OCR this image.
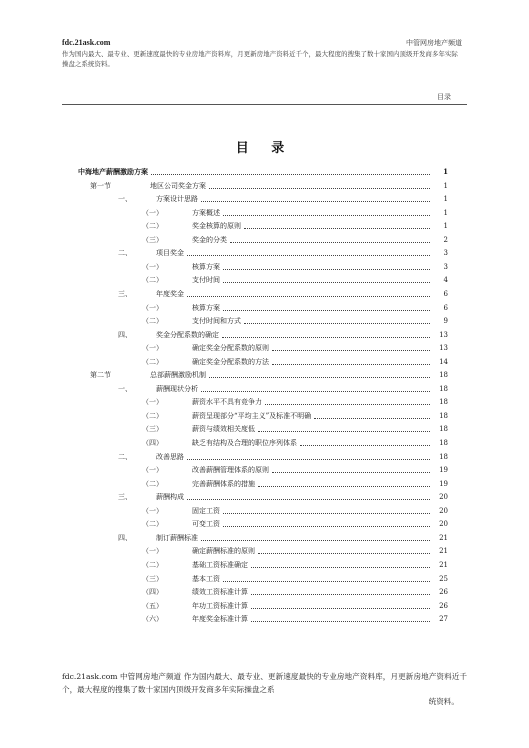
fdc.21ask.com	中管网房地产频道
作为国内最大、最专业、更新速度最快的专业房地产资料库，月更新房地产资料近千个，最大程度的搜集了数十家国内顶级开发商多年实际操盘之系统资料。
目录
目 录
中海地产薪酬激励方案	1
第一节	地区公司奖金方案	1
一、	方案设计思路	1
（一）	方案概述	1
（二）	奖金核算的原则	1
（三）	奖金的分类	2
二、	项目奖金	3
（一）	核算方案	3
（二）	支付时间	4
三、	年度奖金	6
（一）	核算方案	6
（二）	支付时间和方式	9
四、	奖金分配系数的确定	13
（一）	确定奖金分配系数的原则	13
（二）	确定奖金分配系数的方法	14
第二节	总部薪酬激励机制	18
一、	薪酬现状分析	18
（一）	薪资水平不具有竞争力	18
（二）	薪资呈现部分“平均主义”及标准不明确	18
（三）	薪资与绩效相关度低	18
（四）	缺乏有结构及合理的职位序列体系	18
二、	改善思路	18
（一）	改善薪酬管理体系的原则	19
（二）	完善薪酬体系的措施	19
三、	薪酬构成	20
（一）	固定工资	20
（二）	可变工资	20
四、	制订薪酬标准	21
（一）	确定薪酬标准的原则	21
（二）	基础工资标准确定	21
（三）	基本工资	25
（四）	绩效工资标准计算	26
（五）	年功工资标准计算	26
（六）	年度奖金标准计算	27
fdc.21ask.com 中管网房地产频道 作为国内最大、最专业、更新速度最快的专业房地产资料库，月更新房地产资料近千个，最大程度的搜集了数十家国内顶级开发商多年实际操盘之系
统资料。
